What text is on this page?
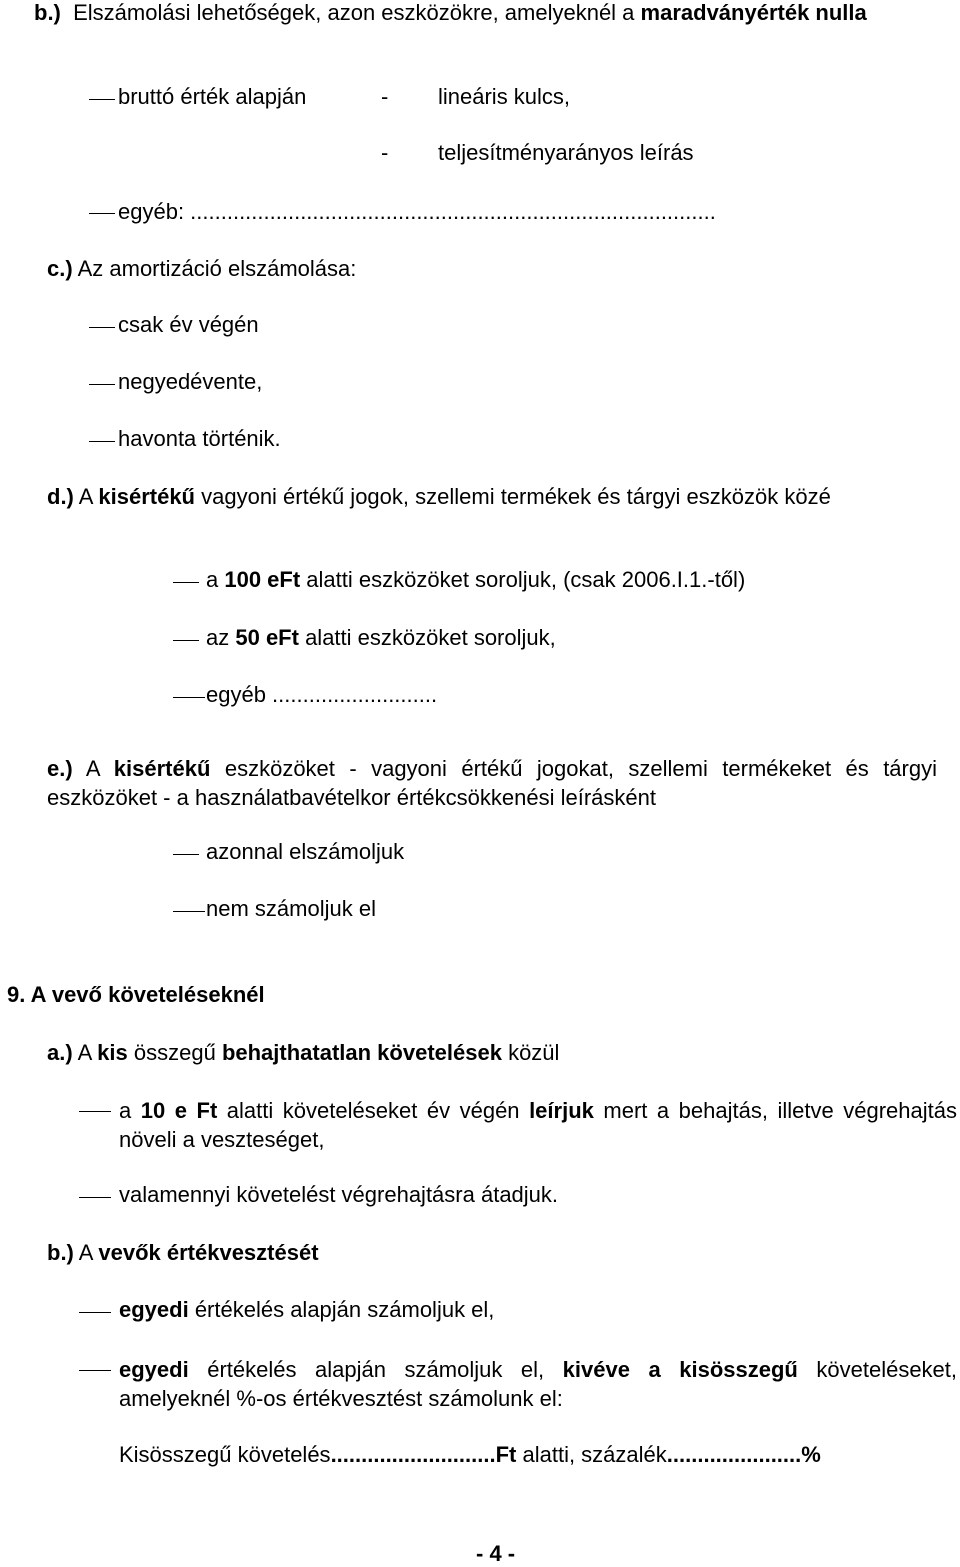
b.) Elszámolási lehetőségek, azon eszközökre, amelyeknél a maradványérték nulla
bruttó érték alapján	- lineáris kulcs,
- teljesítményarányos leírás
egyéb: ......................................................................................
c.) Az amortizáció elszámolása:
csak év végén
negyedévente,
havonta történik.
d.) A kisértékű vagyoni értékű jogok, szellemi termékek és tárgyi eszközök közé
a 100 eFt alatti eszközöket soroljuk, (csak 2006.I.1.-től)
az 50 eFt alatti eszközöket soroljuk,
egyéb ...........................
e.) A kisértékű eszközöket - vagyoni értékű jogokat, szellemi termékeket és tárgyi eszközöket - a használatbavételkor értékcsökkenési leírásként
azonnal elszámoljuk
nem számoljuk el
9. A vevő követeléseknél
a.) A kis összegű behajthatatlan követelések közül
a 10 e Ft alatti követeléseket év végén leírjuk mert a behajtás, illetve végrehajtás növeli a veszteséget,
valamennyi követelést végrehajtásra átadjuk.
b.) A vevők értékvesztését
egyedi értékelés alapján számoljuk el,
egyedi értékelés alapján számoljuk el, kivéve a kisösszegű követeléseket, amelyeknél %-os értékvesztést számolunk el:
Kisösszegű követelés...........................Ft alatti, százalék......................%
- 4 -
